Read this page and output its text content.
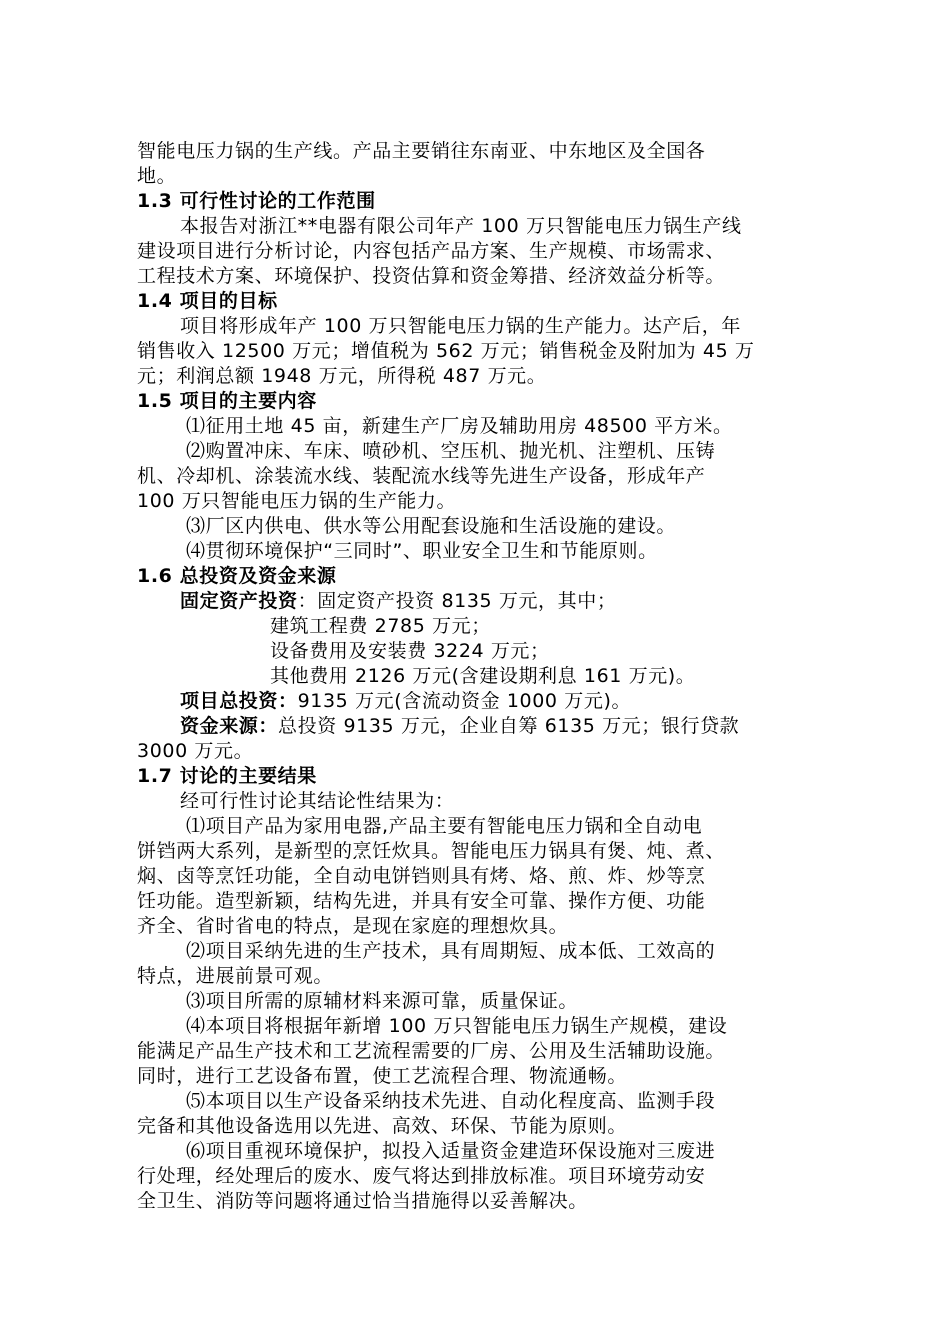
智能电压力锅的生产线。产品主要销往东南亚、中东地区及全国各
地。
1.3 可行性讨论的工作范围
本报告对浙江**电器有限公司年产 100 万只智能电压力锅生产线
建设项目进行分析讨论，内容包括产品方案、生产规模、市场需求、
工程技术方案、环境保护、投资估算和资金筹措、经济效益分析等。
1.4 项目的目标
项目将形成年产 100 万只智能电压力锅的生产能力。达产后，年
销售收入 12500 万元；增值税为 562 万元；销售税金及附加为 45 万
元；利润总额 1948 万元，所得税 487 万元。
1.5 项目的主要内容
⑴征用土地 45 亩，新建生产厂房及辅助用房 48500 平方米。
⑵购置冲床、车床、喷砂机、空压机、抛光机、注塑机、压铸
机、冷却机、涂装流水线、装配流水线等先进生产设备，形成年产
100 万只智能电压力锅的生产能力。
⑶厂区内供电、供水等公用配套设施和生活设施的建设。
⑷贯彻环境保护“三同时”、职业安全卫生和节能原则。
1.6 总投资及资金来源
固定资产投资：固定资产投资 8135 万元，其中；
建筑工程费 2785 万元；
设备费用及安装费 3224 万元；
其他费用 2126 万元(含建设期利息 161 万元)。
项目总投资：9135 万元(含流动资金 1000 万元)。
资金来源：总投资 9135 万元，企业自筹 6135 万元；银行贷款
3000 万元。
1.7 讨论的主要结果
经可行性讨论其结论性结果为：
⑴项目产品为家用电器,产品主要有智能电压力锅和全自动电
饼铛两大系列，是新型的烹饪炊具。智能电压力锅具有煲、炖、煮、
焖、卤等烹饪功能，全自动电饼铛则具有烤、烙、煎、炸、炒等烹
饪功能。造型新颖，结构先进，并具有安全可靠、操作方便、功能
齐全、省时省电的特点，是现在家庭的理想炊具。
⑵项目采纳先进的生产技术，具有周期短、成本低、工效高的
特点，进展前景可观。
⑶项目所需的原辅材料来源可靠，质量保证。
⑷本项目将根据年新增 100 万只智能电压力锅生产规模，建设
能满足产品生产技术和工艺流程需要的厂房、公用及生活辅助设施。
同时，进行工艺设备布置，使工艺流程合理、物流通畅。
⑸本项目以生产设备采纳技术先进、自动化程度高、监测手段
完备和其他设备选用以先进、高效、环保、节能为原则。
⑹项目重视环境保护，拟投入适量资金建造环保设施对三废进
行处理，经处理后的废水、废气将达到排放标准。项目环境劳动安
全卫生、消防等问题将通过恰当措施得以妥善解决。
